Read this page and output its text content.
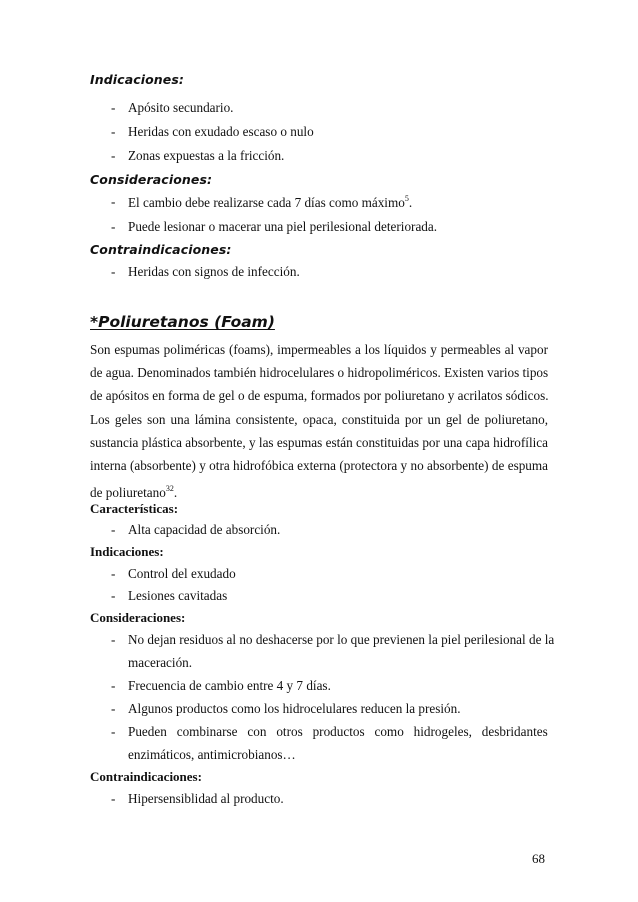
Indicaciones:
- Apósito secundario.
- Heridas con exudado escaso o nulo
- Zonas expuestas a la fricción.
Consideraciones:
- El cambio debe realizarse cada 7 días como máximo$^5$.
- Puede lesionar o macerar una piel perilesional deteriorada.
Contraindicaciones:
- Heridas con signos de infección.
*Poliuretanos (Foam)
Son espumas poliméricas (foams), impermeables a los líquidos y permeables al vapor
de agua. Denominados también hidrocelulares o hidropoliméricos. Existen varios tipos
de apósitos en forma de gel o de espuma, formados por poliuretano y acrilatos sódicos.
Los geles son una lámina consistente, opaca, constituida por un gel de poliuretano,
sustancia plástica absorbente, y las espumas están constituidas por una capa hidrofílica
interna (absorbente) y otra hidrofóbica externa (protectora y no absorbente) de espuma
de poliuretano$^{32}$.
Características:
- Alta capacidad de absorción.
Indicaciones:
- Control del exudado
- Lesiones cavitadas
Consideraciones:
- No dejan residuos al no deshacerse por lo que previenen la piel perilesional de la
maceración.
- Frecuencia de cambio entre 4 y 7 días.
- Algunos productos como los hidrocelulares reducen la presión.
- Pueden   combinarse   con   otros   productos   como   hidrogeles,   desbridantes
enzimáticos, antimicrobianos…
Contraindicaciones:
- Hipersensiblidad al producto.
68
